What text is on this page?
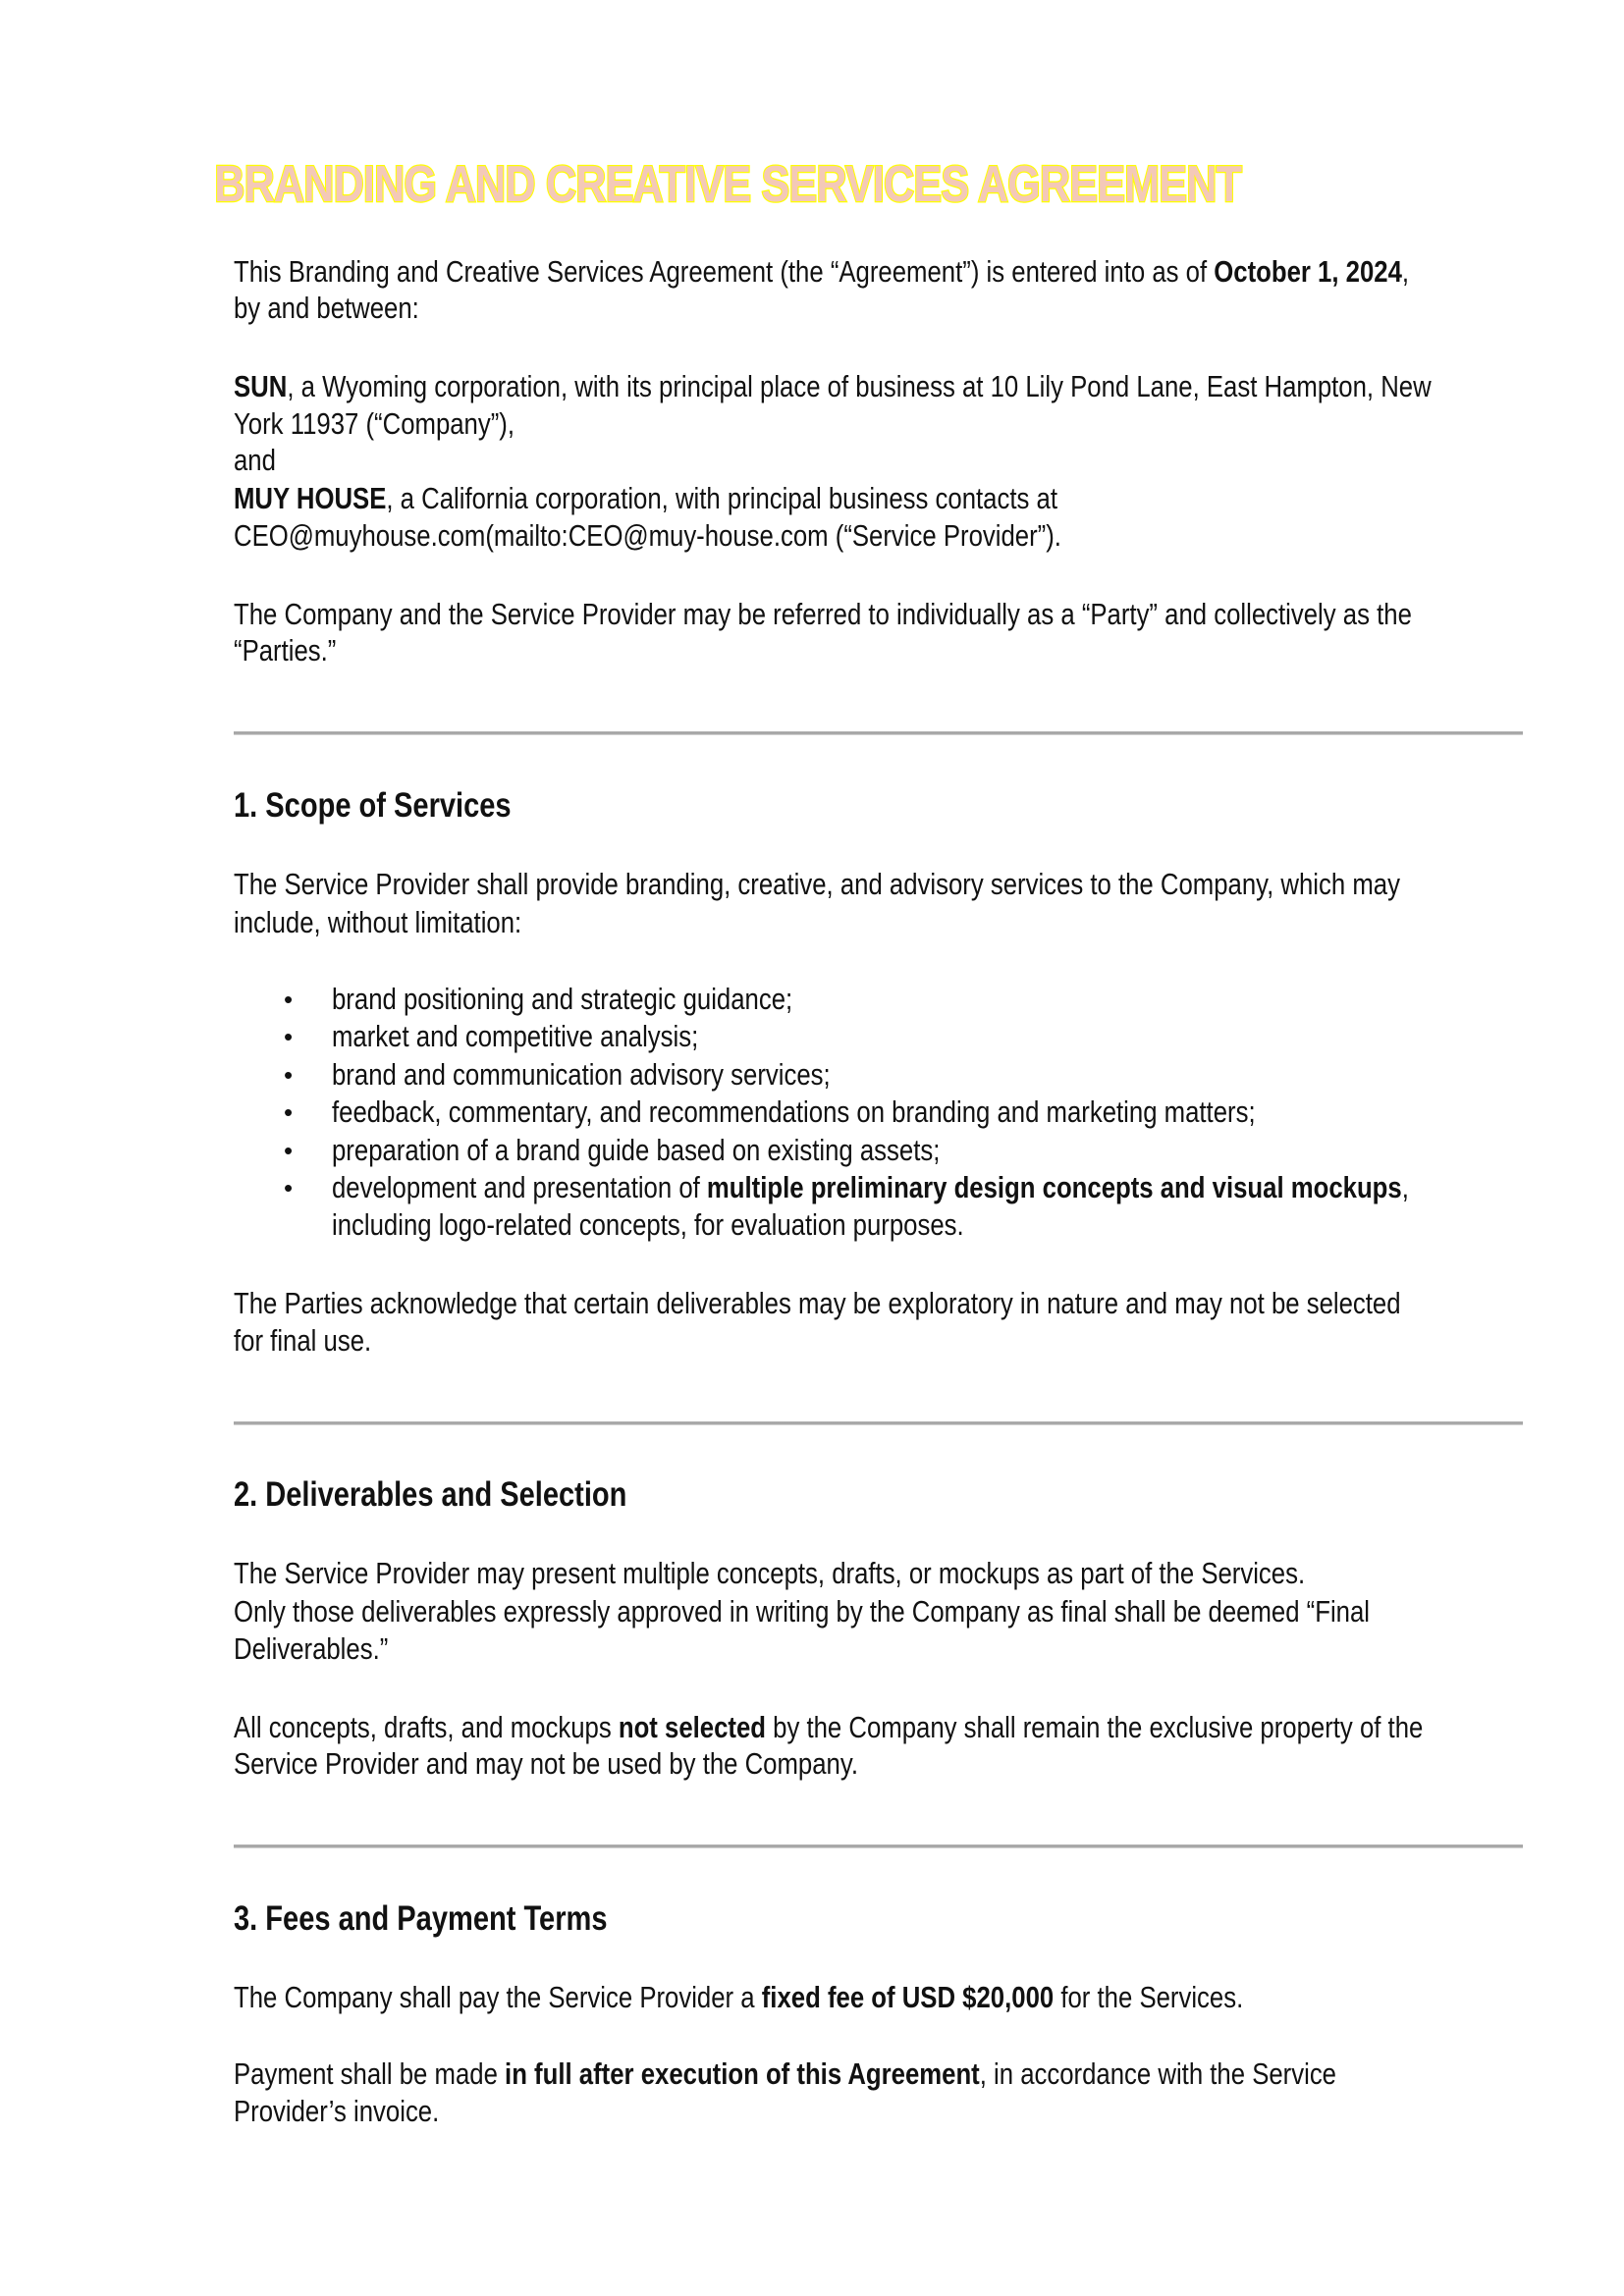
BRANDING AND CREATIVE SERVICES AGREEMENT
This Branding and Creative Services Agreement (the “Agreement”) is entered into as of October 1, 2024,
by and between:
SUN, a Wyoming corporation, with its principal place of business at 10 Lily Pond Lane, East Hampton, New
York 11937 (“Company”),
and
MUY HOUSE, a California corporation, with principal business contacts at
CEO@muyhouse.com(mailto:CEO@muy-house.com (“Service Provider”).
The Company and the Service Provider may be referred to individually as a “Party” and collectively as the
“Parties.”
1. Scope of Services
The Service Provider shall provide branding, creative, and advisory services to the Company, which may
include, without limitation:
• brand positioning and strategic guidance;
• market and competitive analysis;
• brand and communication advisory services;
• feedback, commentary, and recommendations on branding and marketing matters;
• preparation of a brand guide based on existing assets;
• development and presentation of multiple preliminary design concepts and visual mockups,
including logo-related concepts, for evaluation purposes.
The Parties acknowledge that certain deliverables may be exploratory in nature and may not be selected
for final use.
2. Deliverables and Selection
The Service Provider may present multiple concepts, drafts, or mockups as part of the Services.
Only those deliverables expressly approved in writing by the Company as final shall be deemed “Final
Deliverables.”
All concepts, drafts, and mockups not selected by the Company shall remain the exclusive property of the
Service Provider and may not be used by the Company.
3. Fees and Payment Terms
The Company shall pay the Service Provider a fixed fee of USD $20,000 for the Services.
Payment shall be made in full after execution of this Agreement, in accordance with the Service
Provider’s invoice.
